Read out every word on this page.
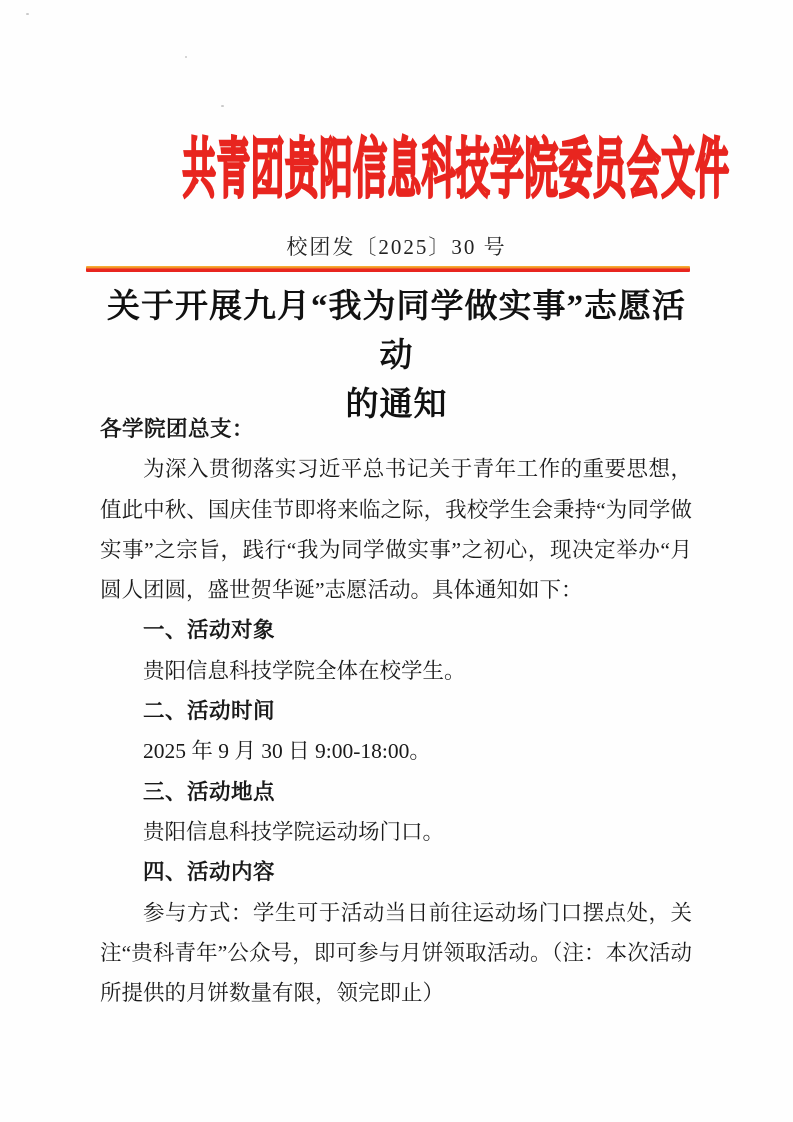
共青团贵阳信息科技学院委员会文件
校团发〔2025〕30 号
关于开展九月“我为同学做实事”志愿活动
的通知

各学院团总支：

为深入贯彻落实习近平总书记关于青年工作的重要思想，值此中秋、国庆佳节即将来临之际，我校学生会秉持“为同学做实事”之宗旨，践行“我为同学做实事”之初心，现决定举办“月圆人团圆，盛世贺华诞”志愿活动。具体通知如下：

一、活动对象

贵阳信息科技学院全体在校学生。

二、活动时间

2025 年 9 月 30 日 9:00-18:00。

三、活动地点

贵阳信息科技学院运动场门口。

四、活动内容

参与方式：学生可于活动当日前往运动场门口摆点处，关注“贵科青年”公众号，即可参与月饼领取活动。（注：本次活动所提供的月饼数量有限，领完即止）
